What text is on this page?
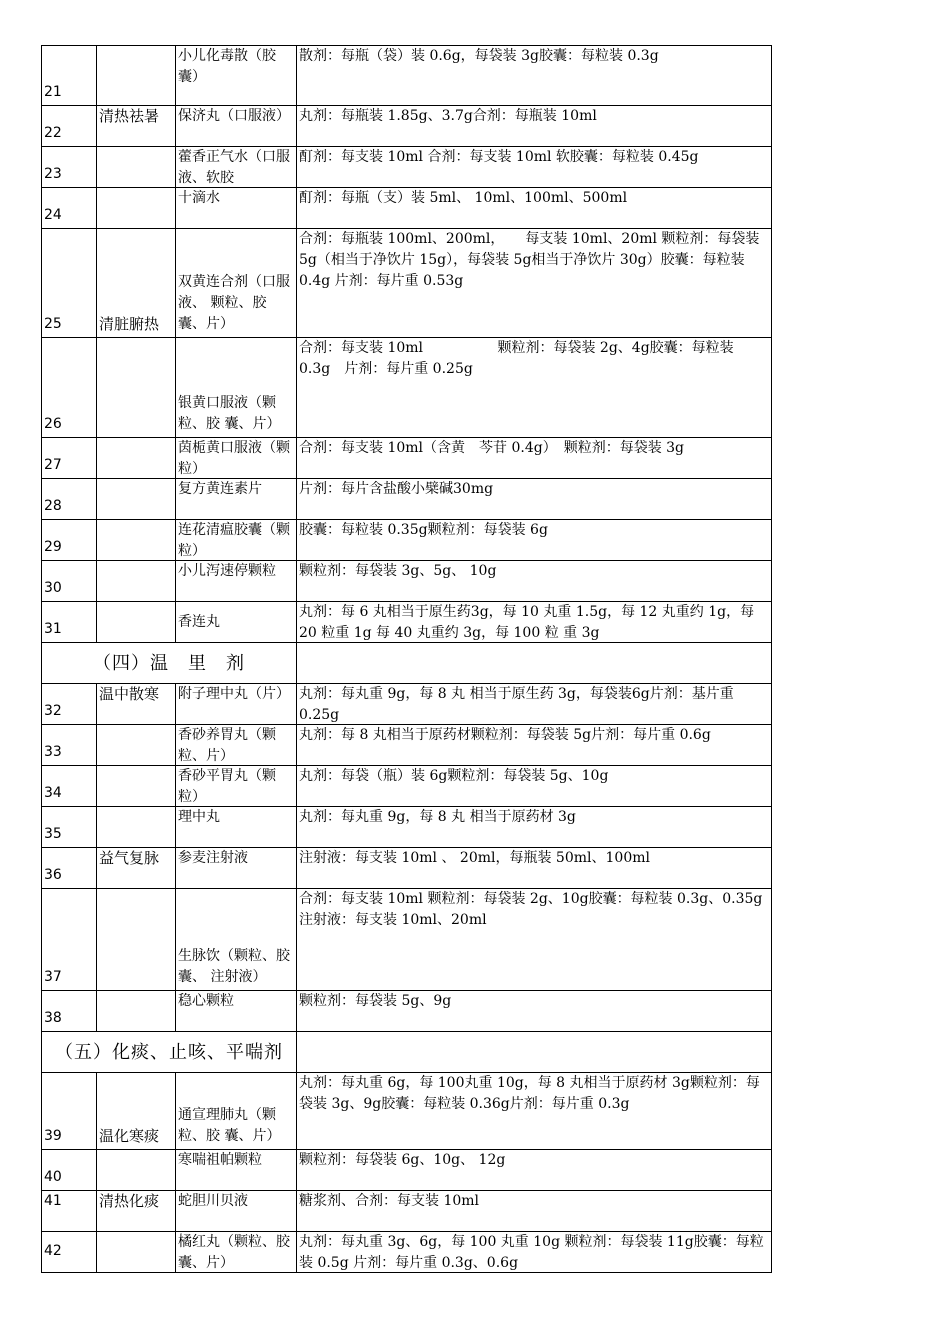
21		小儿化毒散（胶囊）	散剂：每瓶（袋）装 0.6g，每袋装 3g胶囊：每粒装 0.3g

22	清热祛暑	保济丸（口服液）	丸剂：每瓶装 1.85g、3.7g合剂：每瓶装 10ml

23		藿香正气水（口服液、软胶	酊剂：每支装 10ml 合剂：每支装 10ml 软胶囊：每粒装 0.45g

24		十滴水	酊剂：每瓶（支）装 5ml、 10ml、100ml、500ml

25	清脏腑热	双黄连合剂（口服液、 颗粒、胶囊、片）	合剂：每瓶装 100ml、200ml，　　每支装 10ml、20ml 颗粒剂：每袋装 5g（相当于净饮片 15g），每袋装 5g相当于净饮片 30g）胶囊：每粒装 0.4g 片剂：每片重 0.53g

26		银黄口服液（颗粒、胶 囊、片）	合剂：每支装 10ml　　　　　 颗粒剂：每袋装 2g、4g胶囊：每粒装 0.3g　片剂：每片重 0.25g

27		茵栀黄口服液（颗粒）	合剂：每支装 10ml（含黄　芩苷 0.4g）　颗粒剂：每袋装 3g

28		复方黄连素片	片剂：每片含盐酸小檗碱30mg

29		连花清瘟胶囊（颗粒）	胶囊：每粒装 0.35g颗粒剂：每袋装 6g

30		小儿泻速停颗粒	颗粒剂：每袋装 3g、5g、 10g

31		香连丸	丸剂：每 6 丸相当于原生药3g，每 10 丸重 1.5g，每 12 丸重约 1g，每 20 粒重 1g 每 40 丸重约 3g，每 100 粒 重 3g

（四）温　里　剂			

32	温中散寒	附子理中丸（片）	丸剂：每丸重 9g，每 8 丸 相当于原生药 3g，每袋装6g片剂：基片重 0.25g

33		香砂养胃丸（颗粒、片）	丸剂：每 8 丸相当于原药材颗粒剂：每袋装 5g片剂：每片重 0.6g

34		香砂平胃丸（颗粒）	丸剂：每袋（瓶）装 6g颗粒剂：每袋装 5g、10g

35		理中丸	丸剂：每丸重 9g，每 8 丸 相当于原药材 3g

36	益气复脉	参麦注射液	注射液：每支装 10ml 、 20ml，每瓶装 50ml、100ml

37		生脉饮（颗粒、胶囊、 注射液）	合剂：每支装 10ml 颗粒剂：每袋装 2g、10g胶囊：每粒装 0.3g、0.35g 注射液：每支装 10ml、20ml

38		稳心颗粒	颗粒剂：每袋装 5g、9g

（五）化痰、止咳、平喘剂			

39	温化寒痰	通宣理肺丸（颗粒、胶 囊、片）	丸剂：每丸重 6g，每 100丸重 10g，每 8 丸相当于原药材 3g颗粒剂：每袋装 3g、9g胶囊：每粒装 0.36g片剂：每片重 0.3g

40		寒喘祖帕颗粒	颗粒剂：每袋装 6g、10g、 12g

41	清热化痰	蛇胆川贝液	糖浆剂、合剂：每支装 10ml

42		橘红丸（颗粒、胶囊、片）	丸剂：每丸重 3g、6g，每 100 丸重 10g 颗粒剂：每袋装 11g胶囊：每粒装 0.5g 片剂：每片重 0.3g、0.6g
